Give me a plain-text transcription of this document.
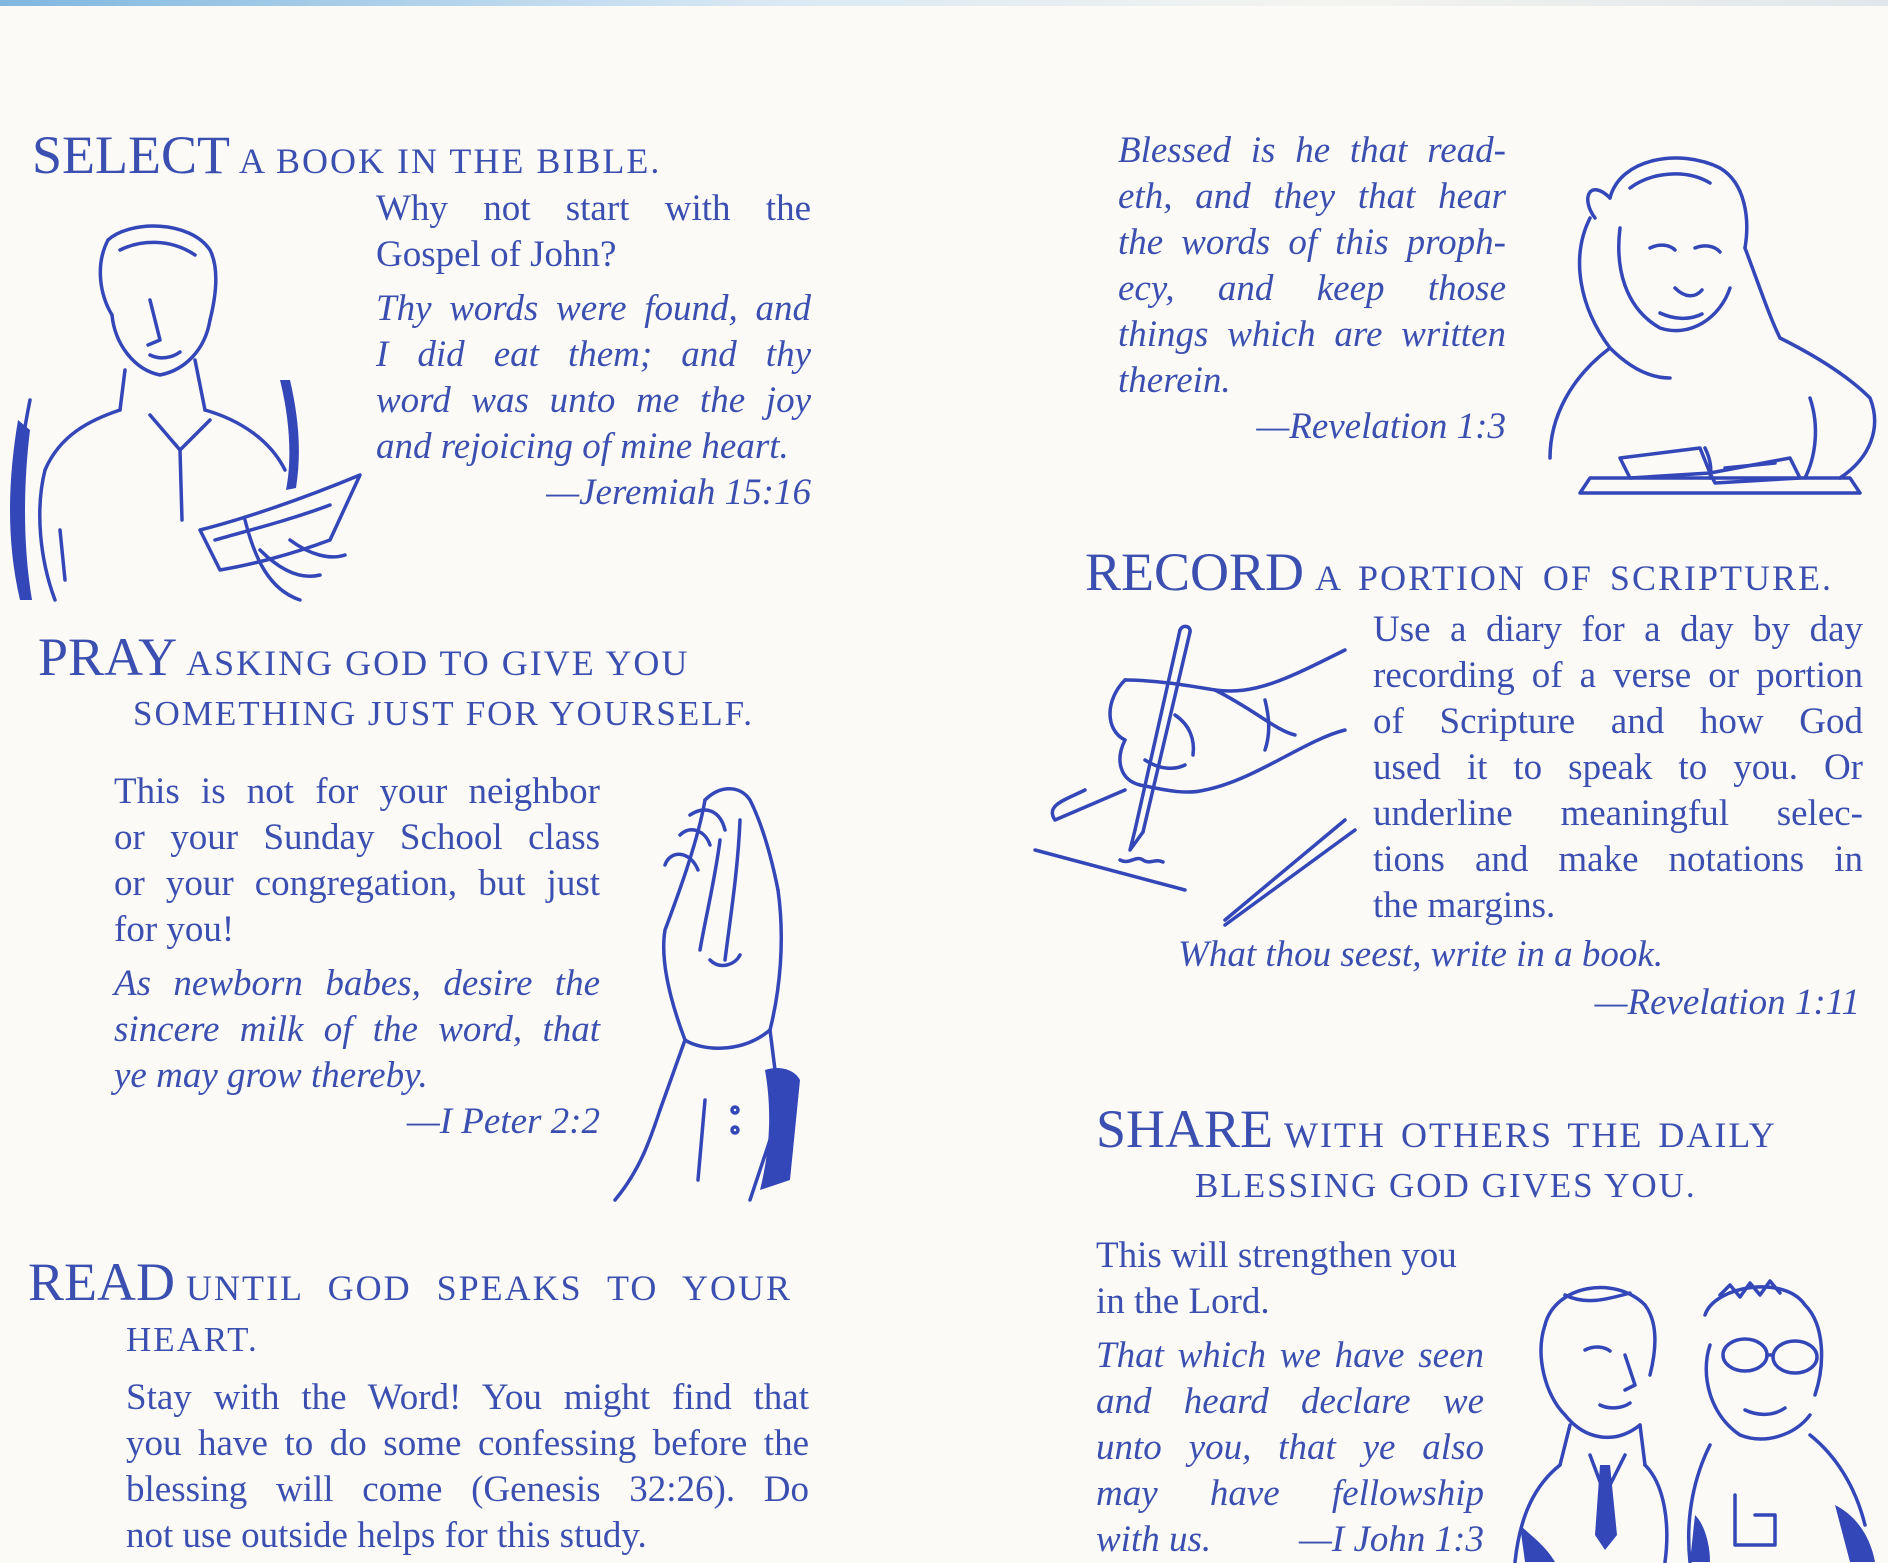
SELECT A BOOK IN THE BIBLE.
Why not start with the
Gospel of John?
Thy words were found, and
I did eat them; and thy
word was unto me the joy
and rejoicing of mine heart.
—Jeremiah 15:16
PRAY ASKING GOD TO GIVE YOU
SOMETHING JUST FOR YOURSELF.
This is not for your neighbor
or your Sunday School class
or your congregation, but just
for you!
As newborn babes, desire the
sincere milk of the word, that
ye may grow thereby.
—I Peter 2:2
READ UNTIL GOD SPEAKS TO YOUR
HEART.
Stay with the Word! You might find that
you have to do some confessing before the
blessing will come (Genesis 32:26). Do
not use outside helps for this study.
Blessed is he that read-
eth, and they that hear
the words of this proph-
ecy, and keep those
things which are written
therein.
—Revelation 1:3
RECORD A PORTION OF SCRIPTURE.
Use a diary for a day by day
recording of a verse or portion
of Scripture and how God
used it to speak to you. Or
underline meaningful selec-
tions and make notations in
the margins.
What thou seest, write in a book.
—Revelation 1:11
SHARE WITH OTHERS THE DAILY
BLESSING GOD GIVES YOU.
This will strengthen you
in the Lord.
That which we have seen
and heard declare we
unto you, that ye also
may have fellowship
with us. —I John 1:3
